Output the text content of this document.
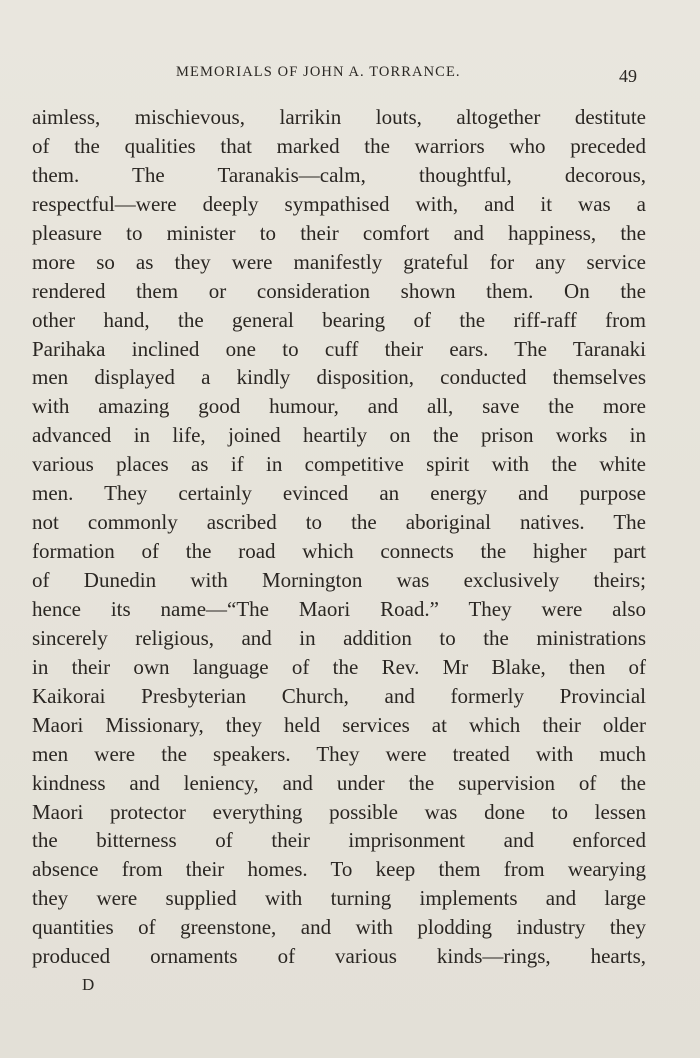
MEMORIALS OF JOHN A. TORRANCE.	49
aimless, mischievous, larrikin louts, altogether destitute
of the qualities that marked the warriors who preceded
them. The Taranakis—calm, thoughtful, decorous,
respectful—were deeply sympathised with, and it was a
pleasure to minister to their comfort and happiness, the
more so as they were manifestly grateful for any service
rendered them or consideration shown them. On the
other hand, the general bearing of the riff-raff from
Parihaka inclined one to cuff their ears. The Taranaki
men displayed a kindly disposition, conducted themselves
with amazing good humour, and all, save the more
advanced in life, joined heartily on the prison works in
various places as if in competitive spirit with the white
men. They certainly evinced an energy and purpose
not commonly ascribed to the aboriginal natives. The
formation of the road which connects the higher part
of Dunedin with Mornington was exclusively theirs;
hence its name—“The Maori Road.” They were also
sincerely religious, and in addition to the ministrations
in their own language of the Rev. Mr Blake, then of
Kaikorai Presbyterian Church, and formerly Provincial
Maori Missionary, they held services at which their older
men were the speakers. They were treated with much
kindness and leniency, and under the supervision of the
Maori protector everything possible was done to lessen
the bitterness of their imprisonment and enforced
absence from their homes. To keep them from wearying
they were supplied with turning implements and large
quantities of greenstone, and with plodding industry they
produced ornaments of various kinds—rings, hearts,
D
